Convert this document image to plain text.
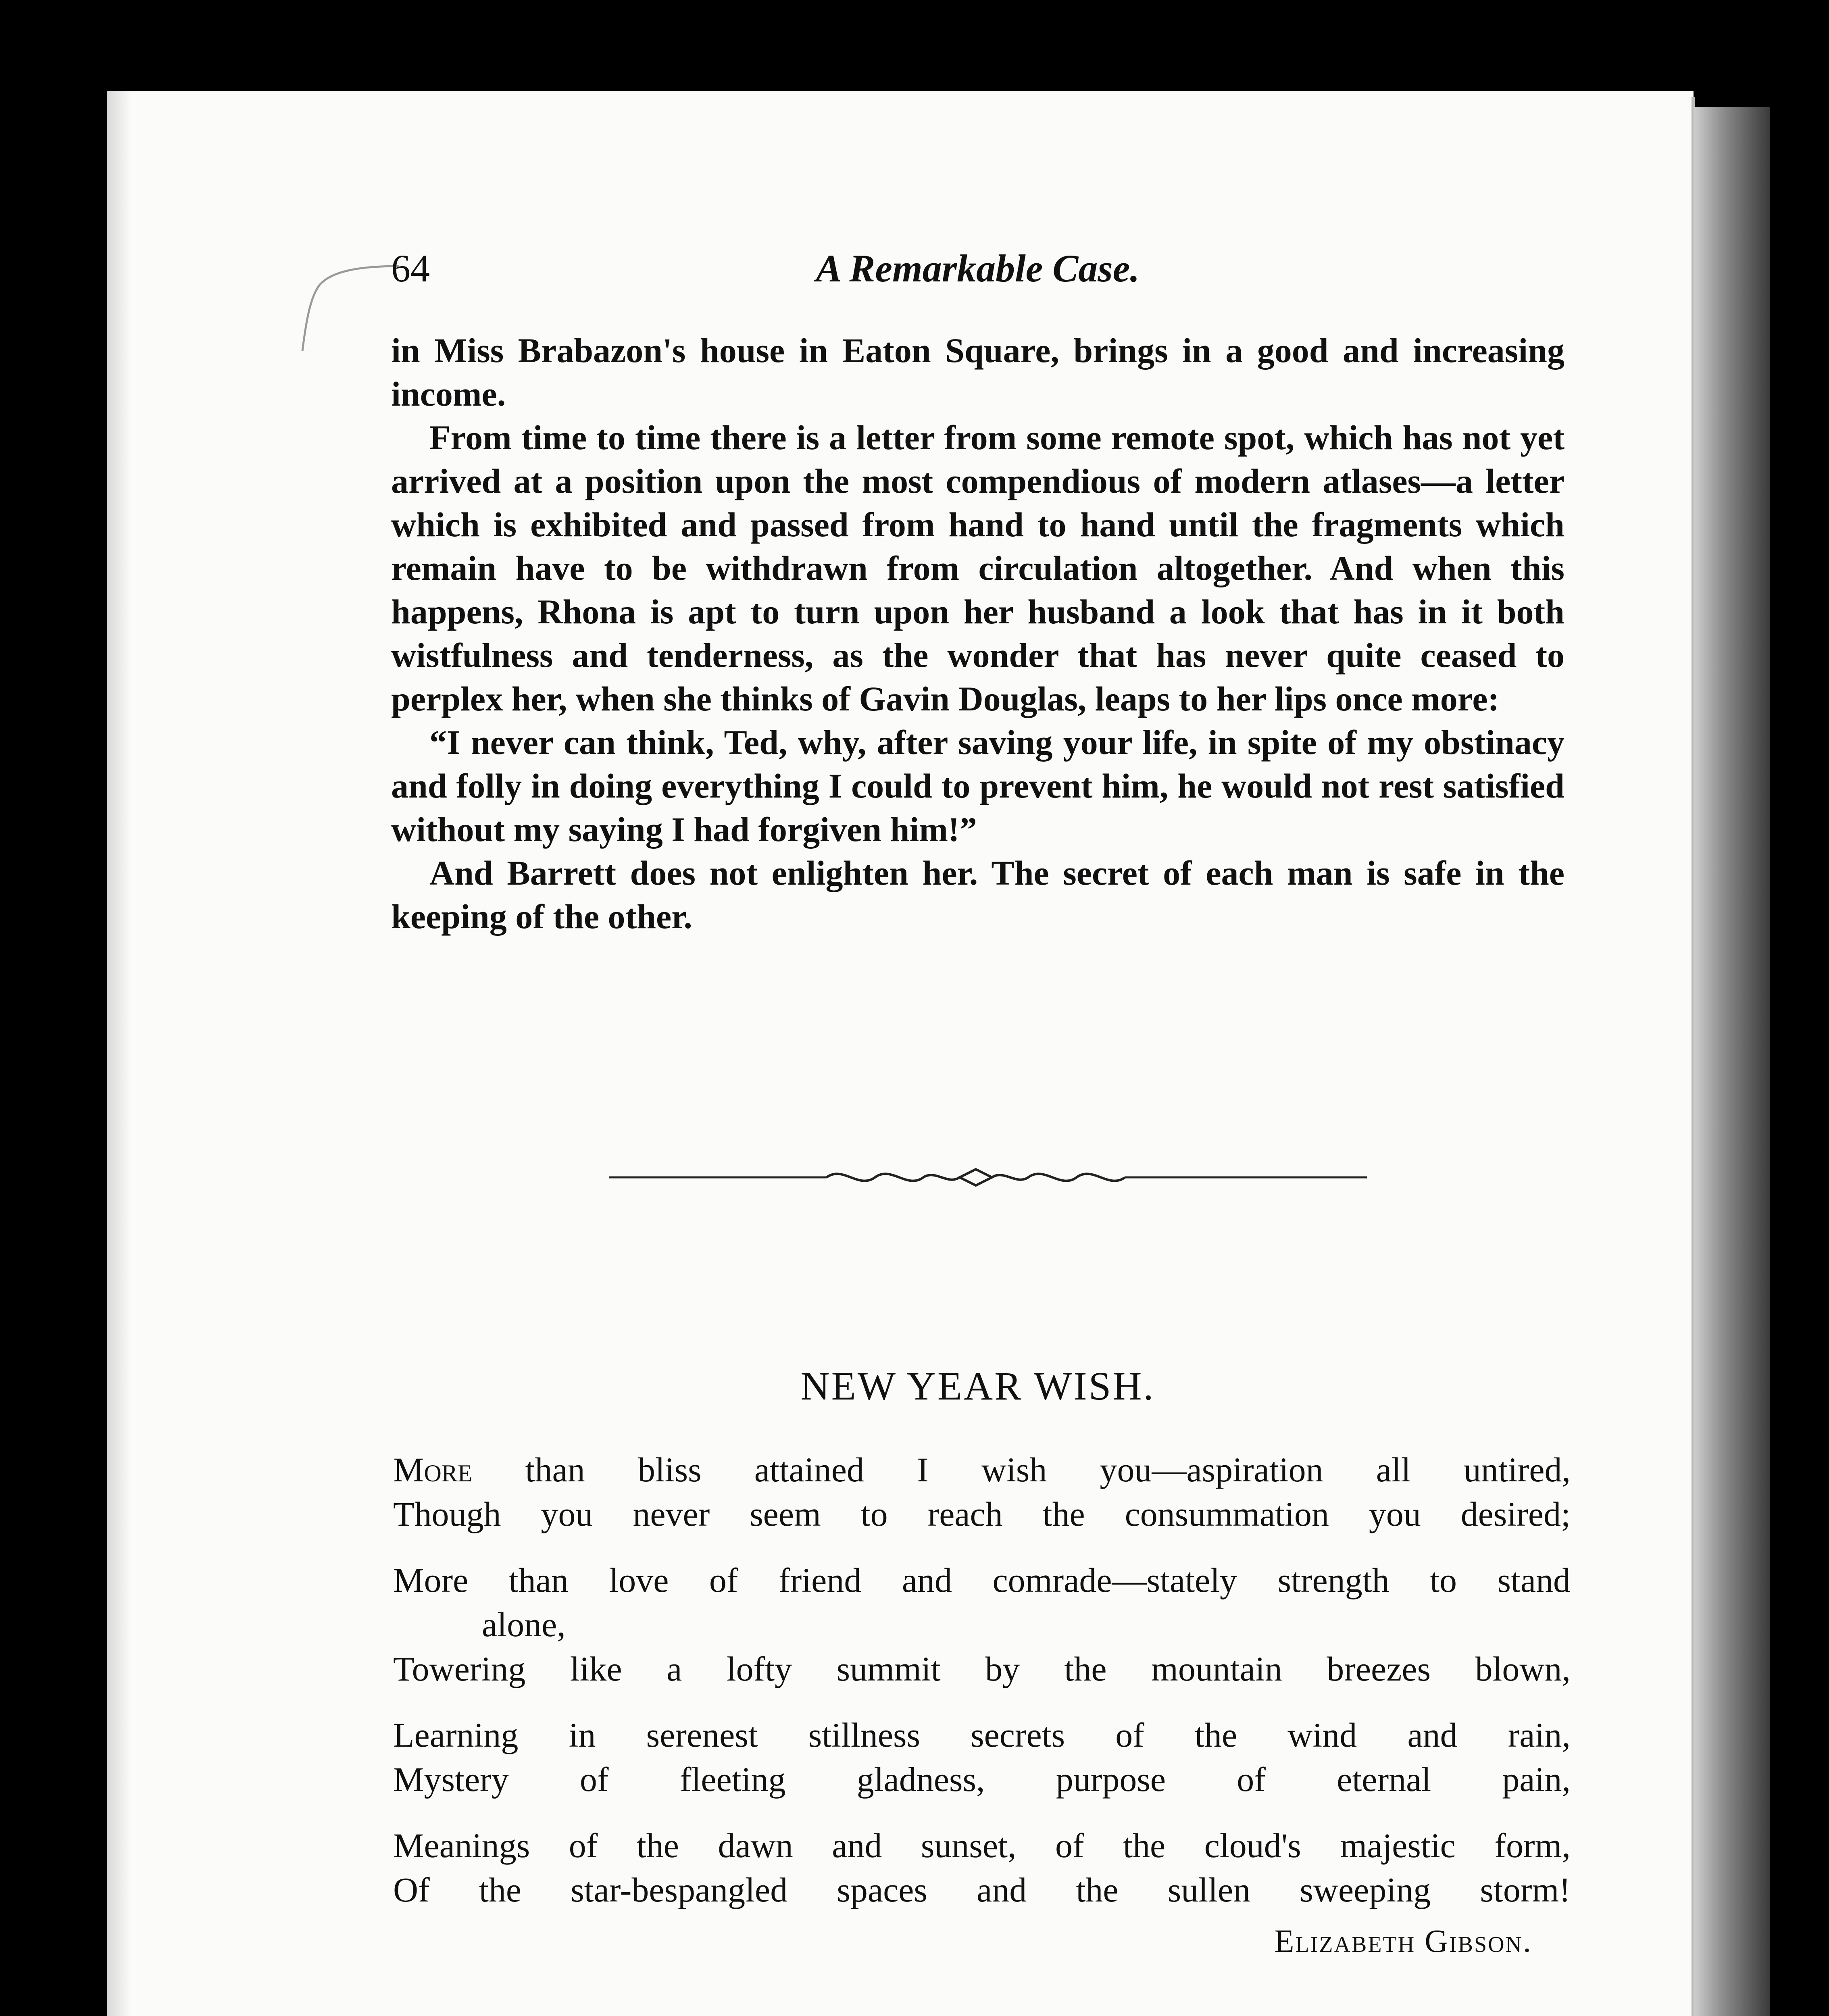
64	A Remarkable Case.

in Miss Brabazon's house in Eaton Square, brings in a good and increasing income.

From time to time there is a letter from some remote spot, which has not yet arrived at a position upon the most compendious of modern atlases—a letter which is exhibited and passed from hand to hand until the fragments which remain have to be withdrawn from circulation altogether. And when this happens, Rhona is apt to turn upon her husband a look that has in it both wistfulness and tenderness, as the wonder that has never quite ceased to perplex her, when she thinks of Gavin Douglas, leaps to her lips once more:

“I never can think, Ted, why, after saving your life, in spite of my obstinacy and folly in doing everything I could to prevent him, he would not rest satisfied without my saying I had forgiven him!”

And Barrett does not enlighten her. The secret of each man is safe in the keeping of the other.

NEW YEAR WISH.
More than bliss attained I wish you—aspiration all untired,
Though you never seem to reach the consummation you desired;
More than love of friend and comrade—stately strength to stand
alone,
Towering like a lofty summit by the mountain breezes blown,
Learning in serenest stillness secrets of the wind and rain,
Mystery of fleeting gladness, purpose of eternal pain,
Meanings of the dawn and sunset, of the cloud's majestic form,
Of the star-bespangled spaces and the sullen sweeping storm!
Elizabeth Gibson.
